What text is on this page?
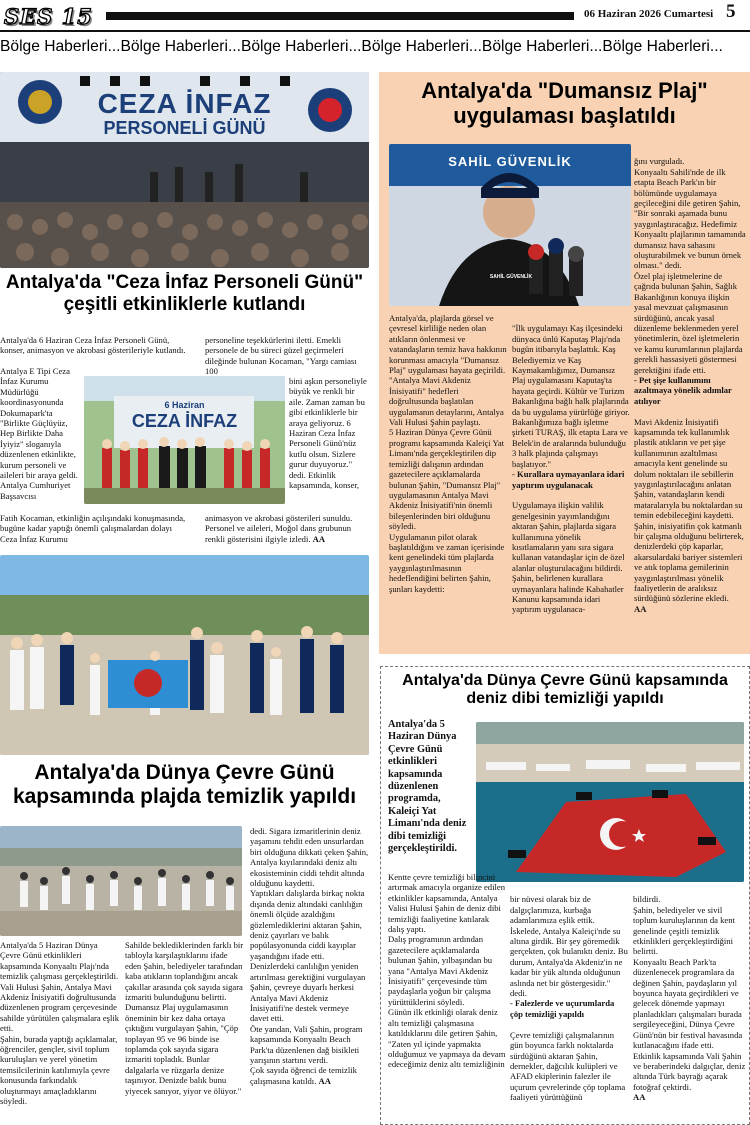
SES 15	06 Haziran 2026 Cumartesi 5
Bölge Haberleri...Bölge Haberleri...Bölge Haberleri...Bölge Haberleri...Bölge Haberleri...Bölge Haberleri...
CEZA İNFAZ
PERSONELİ GÜNÜ
Antalya'da "Ceza İnfaz Personeli Günü"
çeşitli etkinliklerle kutlandı
Antalya'da 6 Haziran Ceza İnfaz Personeli Günü, konser, animasyon ve akrobasi gösterileriyle kutlandı.
Antalya E Tipi Ceza İnfaz Kurumu Müdürlüğü koordinasyonunda Dokumapark'ta "Birlikte Güçlüyüz, Hep Birlikte Daha İyiyiz" sloganıyla düzenlenen etkinlikte, kurum personeli ve aileleri bir araya geldi. Antalya Cumhuriyet Başsavcısı
6 Haziran
CEZA İNFAZ
Fatih Kocaman, etkinliğin açılışındaki konuşmasında, bugüne kadar yaptığı önemli çalışmalardan dolayı Ceza İnfaz Kurumu
personeline teşekkürlerini iletti. Emekli personele de bu süreci güzel geçirmeleri dileğinde bulunan Kocaman, "Yargı camiası 100
bini aşkın personeliyle büyük ve renkli bir aile. Zaman zaman bu gibi etkinliklerle bir araya geliyoruz. 6 Haziran Ceza İnfaz Personeli Günü'nüz kutlu olsun. Sizlere gurur duyuyoruz." dedi. Etkinlik kapsamında, konser,
animasyon ve akrobasi gösterileri sunuldu. Personel ve aileleri, Moğol dans grubunun renkli gösterisini ilgiyle izledi. AA
Antalya'da Dünya Çevre Günü
kapsamında plajda temizlik yapıldı
Antalya'da 5 Haziran Dünya Çevre Günü etkinlikleri kapsamında Konyaaltı Plajı'nda temizlik çalışması gerçekleştirildi. Vali Hulusi Şahin, Antalya Mavi Akdeniz İnisiyatifi doğrultusunda düzenlenen program çerçevesinde sahilde yürütülen çalışmalara eşlik etti.
Şahin, burada yaptığı açıklamalar, öğrenciler, gençler, sivil toplum kuruluşları ve yerel yönetim temsilcilerinin katılımıyla çevre konusunda farkındalık oluşturmayı amaçladıklarını söyledi.
Sahilde beklediklerinden farklı bir tabloyla karşılaştıklarını ifade eden Şahin, belediyeler tarafından kaba atıkların toplandığını ancak çakıllar arasında çok sayıda sigara izmariti bulunduğunu belirtti. Dumansız Plaj uygulamasının öneminin bir kez daha ortaya çıktığını vurgulayan Şahin, "Çöp toplayan 95 ve 96 binde ise toplamda çok sayıda sigara izmariti topladık. Bunlar dalgalarla ve rüzgarla denize taşınıyor. Denizde balık bunu yiyecek sanıyor, yiyor ve ölüyor."
dedi. Sigara izmaritlerinin deniz yaşamını tehdit eden unsurlardan biri olduğuna dikkati çeken Şahin, Antalya kıyılarındaki deniz altı ekosisteminin ciddi tehdit altında olduğunu kaydetti.
Yaptıkları dalışlarda birkaç nokta dışında deniz altındaki canlılığın önemli ölçüde azaldığını gözlemlediklerini aktaran Şahin, deniz çayırları ve balık popülasyonunda ciddi kayıplar yaşandığını ifade etti. Denizlerdeki canlılığın yeniden artırılması gerektiğini vurgulayan Şahin, çevreye duyarlı herkesi Antalya Mavi Akdeniz İnisiyatifi'ne destek vermeye davet etti.
Öte yandan, Vali Şahin, program kapsamında Konyaaltı Beach Park'ta düzenlenen dağ bisikleti yarışının startını verdi.
Çok sayıda öğrenci de temizlik çalışmasına katıldı. AA
Antalya'da "Dumansız Plaj"
uygulaması başlatıldı
SAHİL GÜVENLİK
SAHİL GÜVENLİK
Antalya'da, plajlarda görsel ve çevresel kirliliğe neden olan atıkların önlenmesi ve vatandaşların temiz hava hakkının korunması amacıyla "Dumansız Plaj" uygulaması hayata geçirildi.
"Antalya Mavi Akdeniz İnisiyatifi" hedefleri doğrultusunda başlatılan uygulamanın detaylarını, Antalya Vali Hulusi Şahin paylaştı.
5 Haziran Dünya Çevre Günü programı kapsamında Kaleiçi Yat Limanı'nda gerçekleştirilen dip temizliği dalışının ardından gazetecilere açıklamalarda bulunan Şahin, "Dumansız Plaj" uygulamasının Antalya Mavi Akdeniz İnisiyatifi'nin önemli bileşenlerinden biri olduğunu söyledi.
Uygulamanın pilot olarak başlatıldığını ve zaman içerisinde kent genelindeki tüm plajlarda yaygınlaştırılmasının hedeflendiğini belirten Şahin, şunları kaydetti:

"İlk uygulamayı Kaş ilçesindeki dünyaca ünlü Kaputaş Plajı'nda bugün itibarıyla başlattık. Kaş Belediyemiz ve Kaş Kaymakamlığımız, Dumansız Plaj uygulamasını Kaputaş'ta hayata geçirdi. Kültür ve Turizm Bakanlığına bağlı halk plajlarında da bu uygulama yürürlüğe giriyor. Bakanlığımıza bağlı işletme şirketi TURAŞ, ilk etapta Lara ve Belek'in de aralarında bulunduğu 3 halk plajında çalışmayı başlatıyor."

- Kurallara uymayanlara idari yaptırım uygulanacak

Uygulamaya ilişkin valilik genelgesinin yayımlandığını aktaran Şahin, plajlarda sigara kullanımına yönelik kısıtlamaların yanı sıra sigara kullanan vatandaşlar için de özel alanlar oluşturulacağını bildirdi. Şahin, belirlenen kurallara uymayanlara halinde Kabahatler Kanunu kapsamında idari yaptırım uygulanaca-

ğını vurguladı.
Konyaaltı Sahili'nde de ilk etapta Beach Park'ın bir bölümünde uygulamaya geçileceğini dile getiren Şahin, "Bir sonraki aşamada bunu yaygınlaştıracağız. Hedefimiz Konyaaltı plajlarının tamamında dumansız hava sahasını oluşturabilmek ve bunun örnek olması." dedi.
Özel plaj işletmelerine de çağrıda bulunan Şahin, Sağlık Bakanlığının konuya ilişkin yasal mevzuat çalışmasının sürdüğünü, ancak yasal düzenleme beklenmeden yerel yönetimlerin, özel işletmelerin ve kamu kurumlarının plajlarda gerekli hassasiyeti göstermesi gerektiğini ifade etti.

- Pet şişe kullanımını azaltmaya yönelik adımlar atılıyor

Mavi Akdeniz İnisiyatifi kapsamında tek kullanımlık plastik atıkların ve pet şişe kullanımının azaltılması amacıyla kent genelinde su dolum noktaları ile sebillerin yaygınlaştırılacağını anlatan Şahin, vatandaşların kendi mataralarıyla bu noktalardan su temin edebileceğini kaydetti.
Şahin, inisiyatifin çok katmanlı bir çalışma olduğunu belirterek, denizlerdeki çöp kaparlar, akarsulardaki bariyer sistemleri ve atık toplama gemilerinin yaygınlaştırılması yönelik faaliyetlerin de aralıksız sürdüğünü sözlerine ekledi.
AA

Antalya'da Dünya Çevre Günü kapsamında
deniz dibi temizliği yapıldı
Antalya'da 5 Haziran Dünya Çevre Günü etkinlikleri kapsamında düzenlenen programda, Kaleiçi Yat Limanı'nda deniz dibi temizliği gerçekleştirildi.
Kentte çevre temizliği bilincini artırmak amacıyla organize edilen etkinlikler kapsamında, Antalya Valisi Hulusi Şahin de deniz dibi temizliği faaliyetine katılarak dalış yaptı.
Dalış programının ardından gazetecilere açıklamalarda bulunan Şahin, yılbaşından bu yana "Antalya Mavi Akdeniz İnisiyatifi" çerçevesinde tüm paydaşlarla yoğun bir çalışma yürüttüklerini söyledi.
Günün ilk etkinliği olarak deniz altı temizliği çalışmasına katıldıklarını dile getiren Şahin, "Zaten yıl içinde yapmakta olduğumuz ve yapmaya da devam edeceğimiz deniz altı temizliğinin

bir nüvesi olarak biz de dalgıçlarımıza, kurbağa adamlarımıza eşlik ettik.
İskelede, Antalya Kaleiçi'nde su altına girdik. Bir şey göremedik gerçekten, çok bulanıktı deniz. Bu durum, Antalya'da Akdeniz'in ne kadar bir yük altında olduğunun aslında net bir göstergesidir." dedi.

- Falezlerde ve uçurumlarda çöp temizliği yapıldı

Çevre temizliği çalışmalarının gün boyunca farklı noktalarda sürdüğünü aktaran Şahin, dernekler, dağcılık kulüpleri ve AFAD ekiplerinin falezler ile uçurum çevrelerinde çöp toplama faaliyeti yürüttüğünü

bildirdi.
Şahin, belediyeler ve sivil toplum kuruluşlarının da kent genelinde çeşitli temizlik etkinlikleri gerçekleştirdiğini belirtti.
Konyaaltı Beach Park'ta düzenlenecek programlara da değinen Şahin, paydaşların yıl boyunca hayata geçirdikleri ve gelecek dönemde yapmayı planladıkları çalışmaları burada sergileyeceğini, Dünya Çevre Günü'nün bir festival havasında kutlanacağını ifade etti.
Etkinlik kapsamında Vali Şahin ve beraberindeki dalgıçlar, deniz altında Türk bayrağı açarak fotoğraf çektirdi.
AA
